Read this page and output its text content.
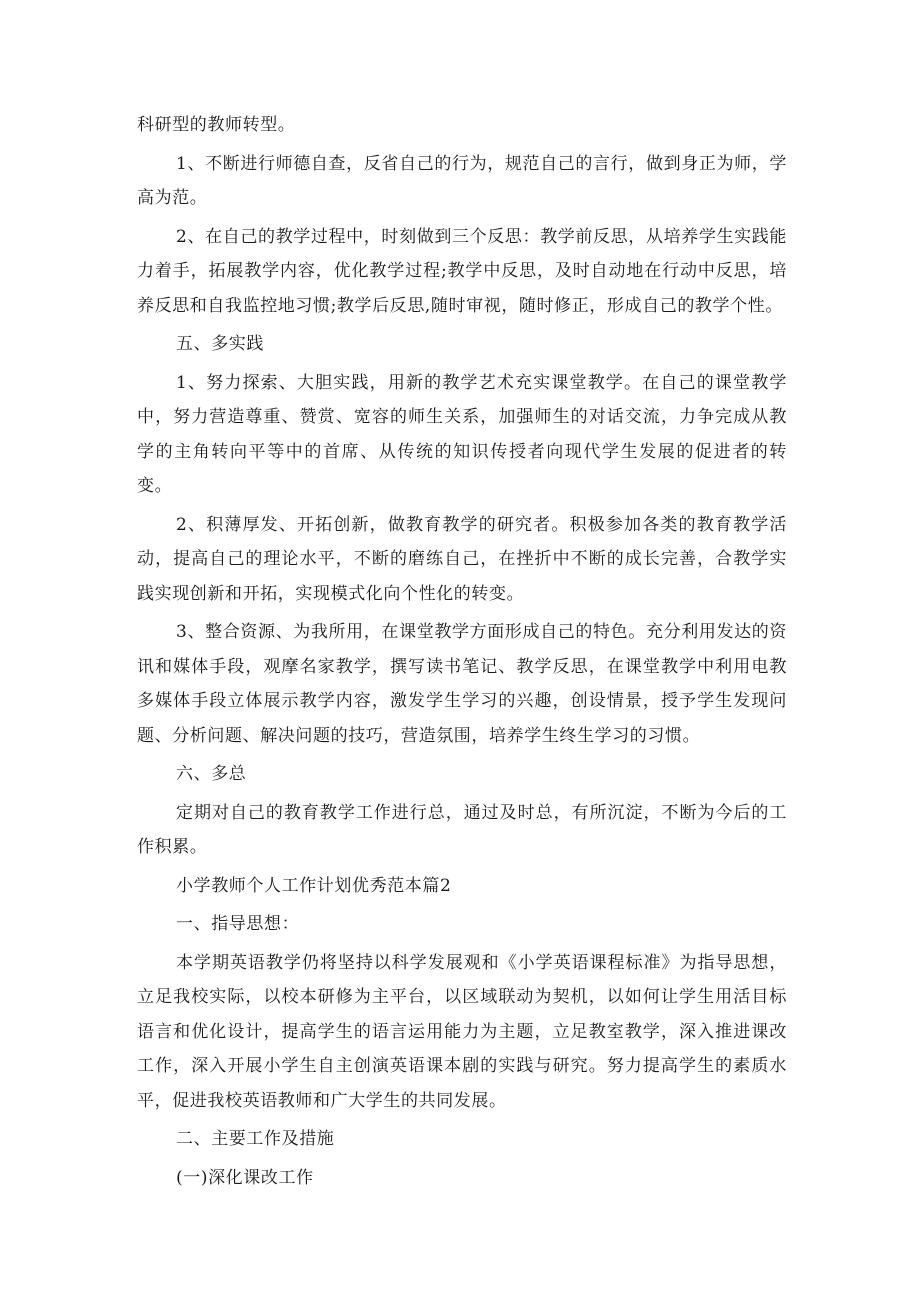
科研型的教师转型。

1、不断进行师德自查，反省自己的行为，规范自己的言行，做到身正为师，学高为范。

2、在自己的教学过程中，时刻做到三个反思：教学前反思，从培养学生实践能力着手，拓展教学内容，优化教学过程;教学中反思，及时自动地在行动中反思，培养反思和自我监控地习惯;教学后反思,随时审视，随时修正，形成自己的教学个性。

五、多实践

1、努力探索、大胆实践，用新的教学艺术充实课堂教学。在自己的课堂教学中，努力营造尊重、赞赏、宽容的师生关系，加强师生的对话交流，力争完成从教学的主角转向平等中的首席、从传统的知识传授者向现代学生发展的促进者的转变。

2、积薄厚发、开拓创新，做教育教学的研究者。积极参加各类的教育教学活动，提高自己的理论水平，不断的磨练自己，在挫折中不断的成长完善，合教学实践实现创新和开拓，实现模式化向个性化的转变。

3、整合资源、为我所用，在课堂教学方面形成自己的特色。充分利用发达的资讯和媒体手段，观摩名家教学，撰写读书笔记、教学反思，在课堂教学中利用电教多媒体手段立体展示教学内容，激发学生学习的兴趣，创设情景，授予学生发现问题、分析问题、解决问题的技巧，营造氛围，培养学生终生学习的习惯。

六、多总

定期对自己的教育教学工作进行总，通过及时总，有所沉淀，不断为今后的工作积累。

小学教师个人工作计划优秀范本篇2

一、指导思想：

本学期英语教学仍将坚持以科学发展观和《小学英语课程标准》为指导思想，立足我校实际，以校本研修为主平台，以区域联动为契机，以如何让学生用活目标语言和优化设计，提高学生的语言运用能力为主题，立足教室教学，深入推进课改工作，深入开展小学生自主创演英语课本剧的实践与研究。努力提高学生的素质水平，促进我校英语教师和广大学生的共同发展。

二、主要工作及措施

(一)深化课改工作
